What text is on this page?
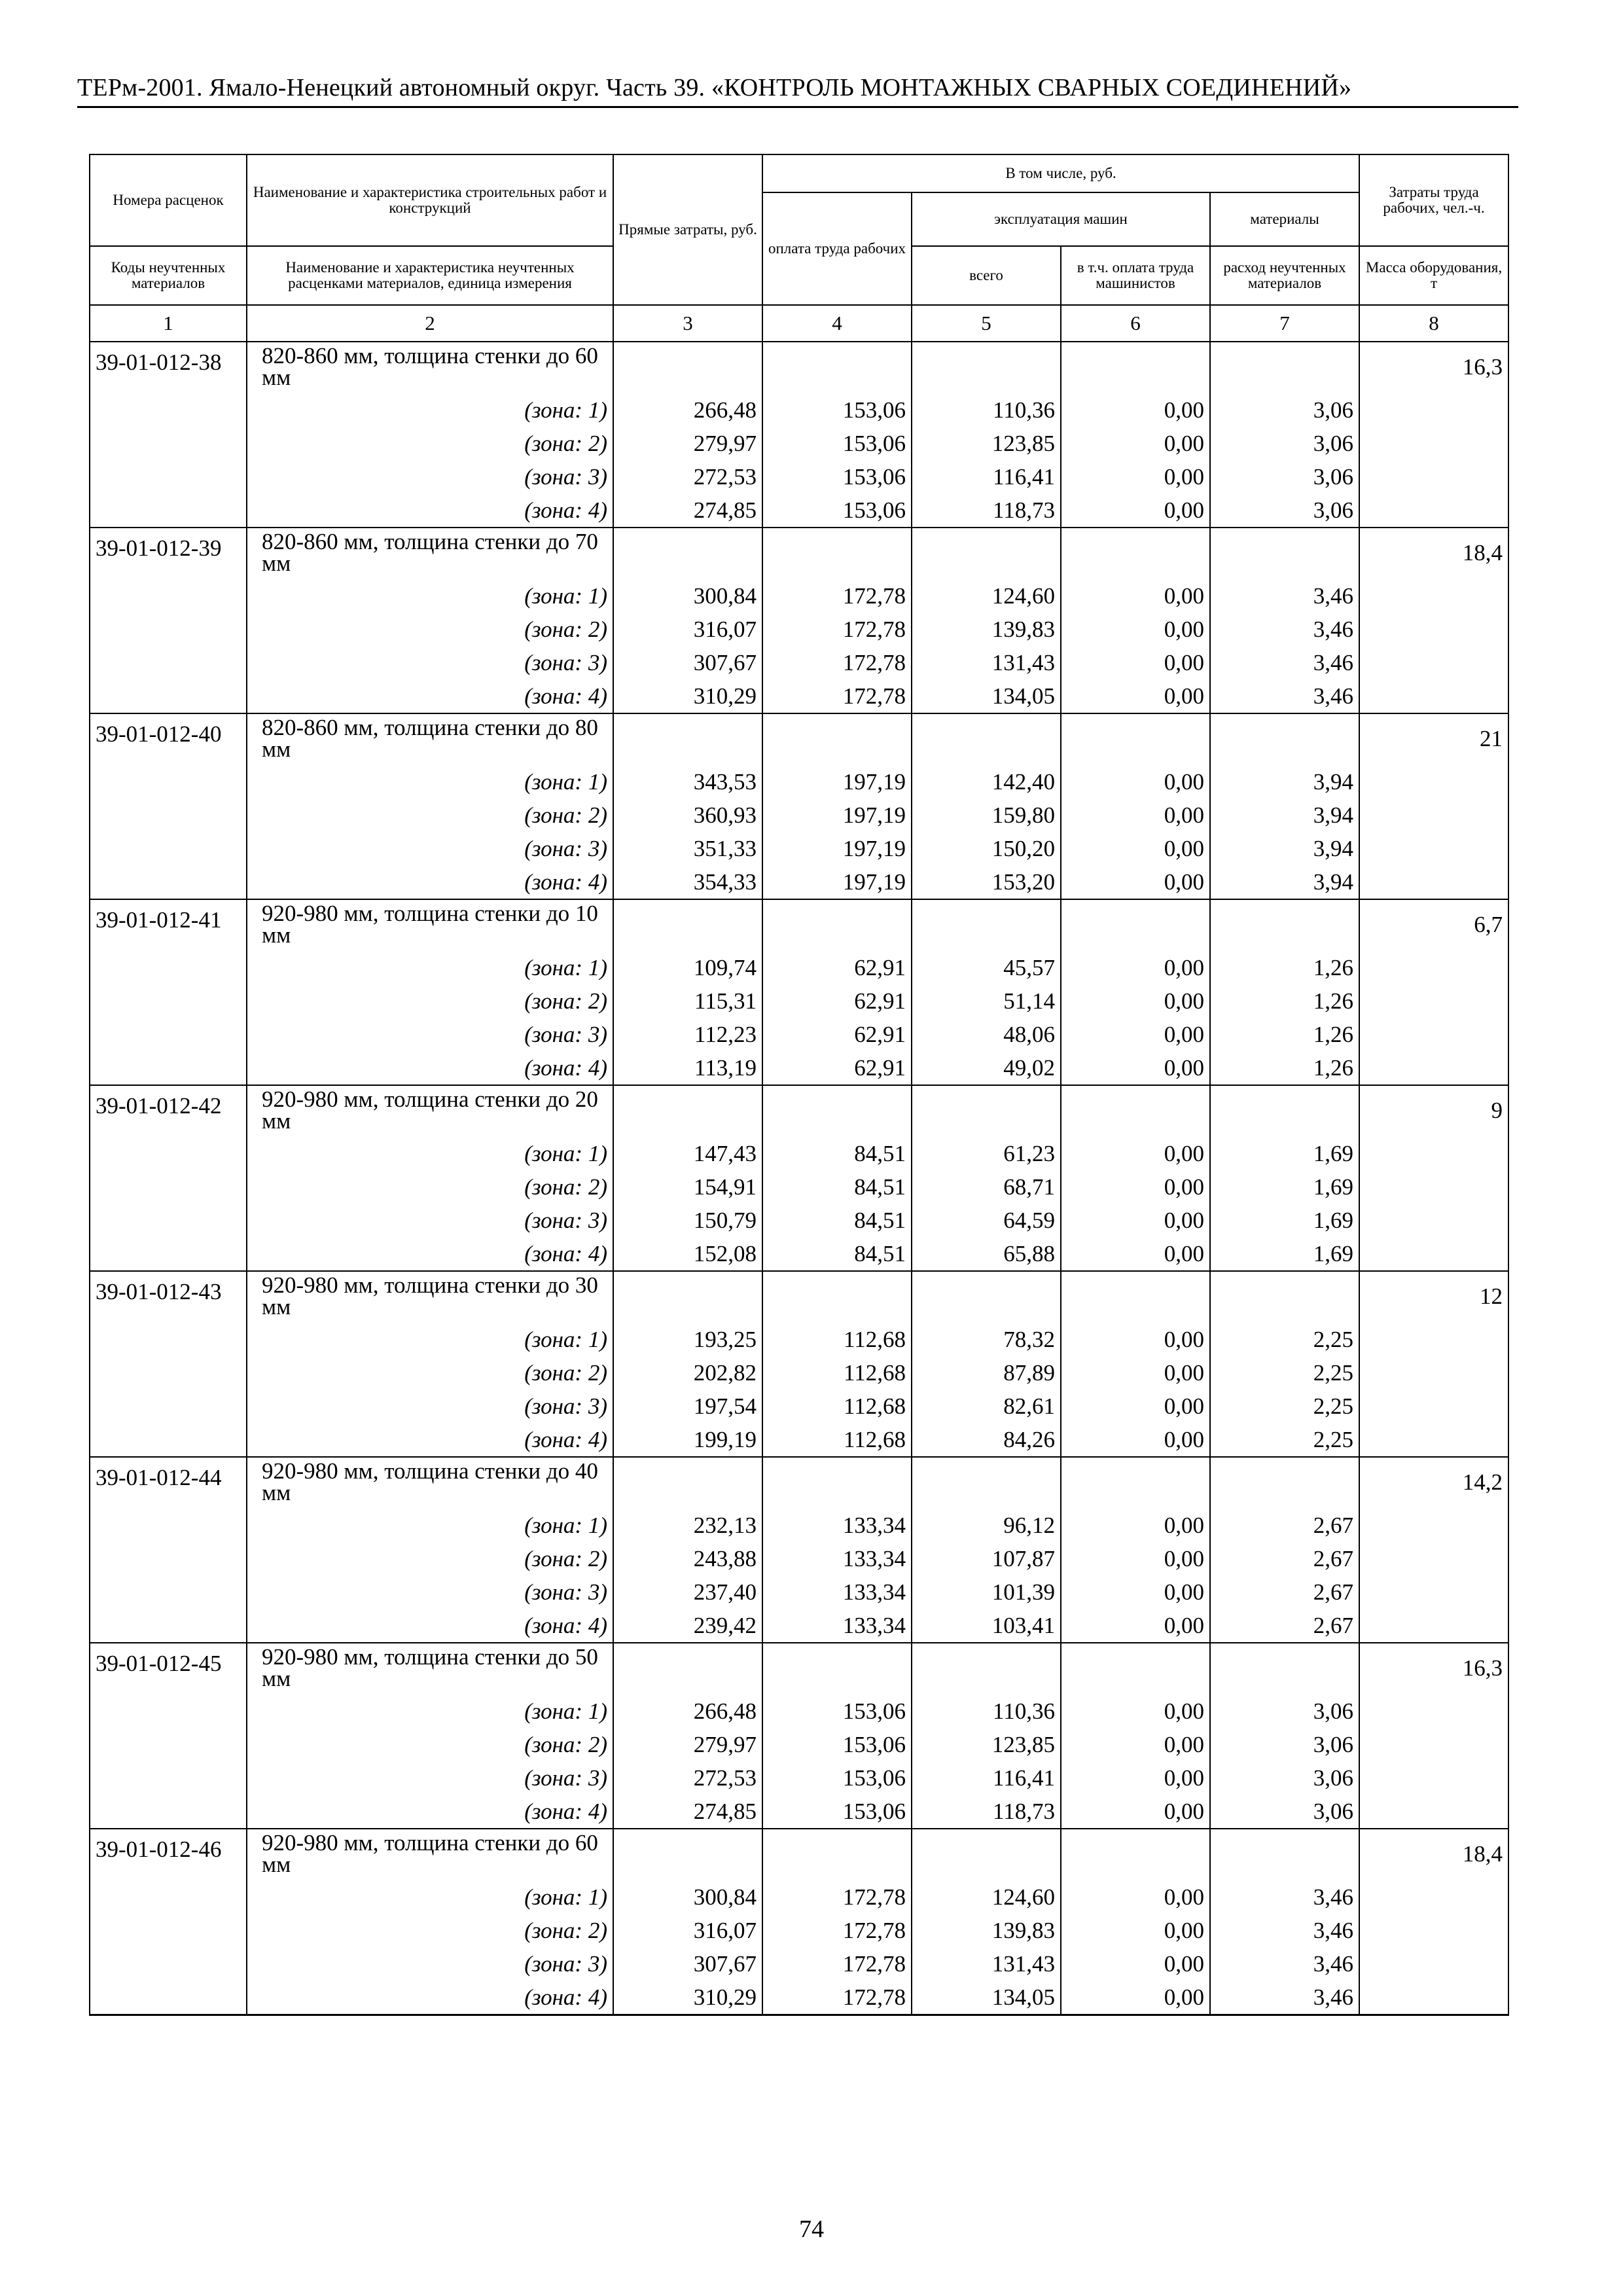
ТЕРм-2001. Ямало-Ненецкий автономный округ. Часть 39. «КОНТРОЛЬ МОНТАЖНЫХ СВАРНЫХ СОЕДИНЕНИЙ»
Номера расценок	Наименование и характеристика строительных работ и конструкций	Прямые затраты, руб.	В том числе, руб.				Затраты труда рабочих, чел.-ч.
			оплата труда рабочих	эксплуатация машин		материалы	
Коды неучтенных материалов	Наименование и характеристика неучтенных расценками материалов, единица измерения			всего	в т.ч. оплата труда машинистов	расход неучтенных материалов	Масса оборудования, т
1	2	3	4	5	6	7	8
39-01-012-38	820-860 мм, толщина стенки до 60 мм						16,3
	(зона: 1)	266,48	153,06	110,36	0,00	3,06	
	(зона: 2)	279,97	153,06	123,85	0,00	3,06	
	(зона: 3)	272,53	153,06	116,41	0,00	3,06	
	(зона: 4)	274,85	153,06	118,73	0,00	3,06	
39-01-012-39	820-860 мм, толщина стенки до 70 мм						18,4
	(зона: 1)	300,84	172,78	124,60	0,00	3,46	
	(зона: 2)	316,07	172,78	139,83	0,00	3,46	
	(зона: 3)	307,67	172,78	131,43	0,00	3,46	
	(зона: 4)	310,29	172,78	134,05	0,00	3,46	
39-01-012-40	820-860 мм, толщина стенки до 80 мм						21
	(зона: 1)	343,53	197,19	142,40	0,00	3,94	
	(зона: 2)	360,93	197,19	159,80	0,00	3,94	
	(зона: 3)	351,33	197,19	150,20	0,00	3,94	
	(зона: 4)	354,33	197,19	153,20	0,00	3,94	
39-01-012-41	920-980 мм, толщина стенки до 10 мм						6,7
	(зона: 1)	109,74	62,91	45,57	0,00	1,26	
	(зона: 2)	115,31	62,91	51,14	0,00	1,26	
	(зона: 3)	112,23	62,91	48,06	0,00	1,26	
	(зона: 4)	113,19	62,91	49,02	0,00	1,26	
39-01-012-42	920-980 мм, толщина стенки до 20 мм						9
	(зона: 1)	147,43	84,51	61,23	0,00	1,69	
	(зона: 2)	154,91	84,51	68,71	0,00	1,69	
	(зона: 3)	150,79	84,51	64,59	0,00	1,69	
	(зона: 4)	152,08	84,51	65,88	0,00	1,69	
39-01-012-43	920-980 мм, толщина стенки до 30 мм						12
	(зона: 1)	193,25	112,68	78,32	0,00	2,25	
	(зона: 2)	202,82	112,68	87,89	0,00	2,25	
	(зона: 3)	197,54	112,68	82,61	0,00	2,25	
	(зона: 4)	199,19	112,68	84,26	0,00	2,25	
39-01-012-44	920-980 мм, толщина стенки до 40 мм						14,2
	(зона: 1)	232,13	133,34	96,12	0,00	2,67	
	(зона: 2)	243,88	133,34	107,87	0,00	2,67	
	(зона: 3)	237,40	133,34	101,39	0,00	2,67	
	(зона: 4)	239,42	133,34	103,41	0,00	2,67	
39-01-012-45	920-980 мм, толщина стенки до 50 мм						16,3
	(зона: 1)	266,48	153,06	110,36	0,00	3,06	
	(зона: 2)	279,97	153,06	123,85	0,00	3,06	
	(зона: 3)	272,53	153,06	116,41	0,00	3,06	
	(зона: 4)	274,85	153,06	118,73	0,00	3,06	
39-01-012-46	920-980 мм, толщина стенки до 60 мм						18,4
	(зона: 1)	300,84	172,78	124,60	0,00	3,46	
	(зона: 2)	316,07	172,78	139,83	0,00	3,46	
	(зона: 3)	307,67	172,78	131,43	0,00	3,46	
	(зона: 4)	310,29	172,78	134,05	0,00	3,46	
74
